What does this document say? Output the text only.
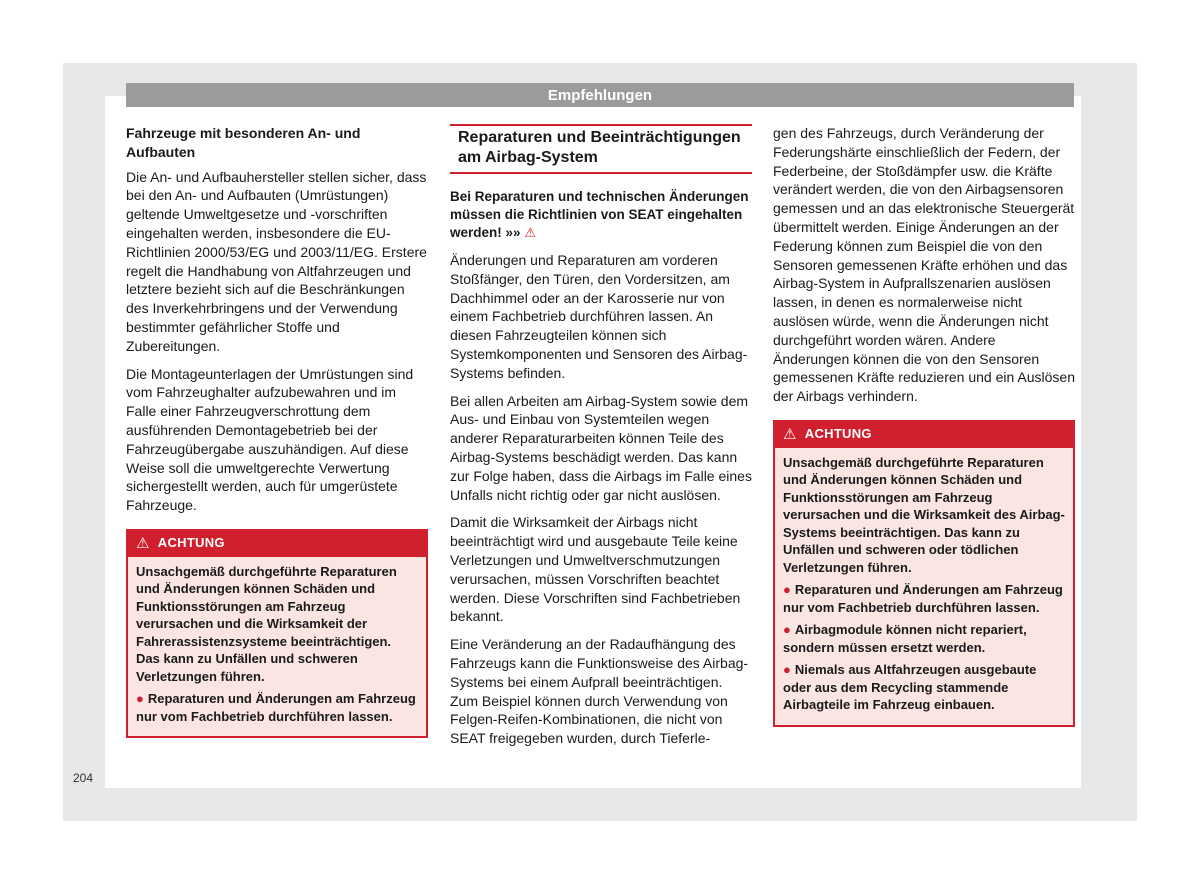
Empfehlungen

Fahrzeuge mit besonderen An- und Aufbauten

Die An- und Aufbauhersteller stellen sicher, dass bei den An- und Aufbauten (Umrüstungen) geltende Umweltgesetze und -vorschriften eingehalten werden, insbesondere die EU-Richtlinien 2000/53/EG und 2003/11/EG. Erstere regelt die Handhabung von Altfahrzeugen und letztere bezieht sich auf die Beschränkungen des Inverkehrbringens und der Verwendung bestimmter gefährlicher Stoffe und Zubereitungen.

Die Montageunterlagen der Umrüstungen sind vom Fahrzeughalter aufzubewahren und im Falle einer Fahrzeugverschrottung dem ausführenden Demontagebetrieb bei der Fahrzeugübergabe auszuhändigen. Auf diese Weise soll die umweltgerechte Verwertung sichergestellt werden, auch für umgerüstete Fahrzeuge.

⚠ ACHTUNG

Unsachgemäß durchgeführte Reparaturen und Änderungen können Schäden und Funktionsstörungen am Fahrzeug verursachen und die Wirksamkeit der Fahrerassistenzsysteme beeinträchtigen. Das kann zu Unfällen und schweren Verletzungen führen.

● Reparaturen und Änderungen am Fahrzeug nur vom Fachbetrieb durchführen lassen.

Reparaturen und Beeinträchtigungen am Airbag-System

Bei Reparaturen und technischen Änderungen müssen die Richtlinien von SEAT eingehalten werden! »» ⚠

Änderungen und Reparaturen am vorderen Stoßfänger, den Türen, den Vordersitzen, am Dachhimmel oder an der Karosserie nur von einem Fachbetrieb durchführen lassen. An diesen Fahrzeugteilen können sich Systemkomponenten und Sensoren des Airbag-Systems befinden.

Bei allen Arbeiten am Airbag-System sowie dem Aus- und Einbau von Systemteilen wegen anderer Reparaturarbeiten können Teile des Airbag-Systems beschädigt werden. Das kann zur Folge haben, dass die Airbags im Falle eines Unfalls nicht richtig oder gar nicht auslösen.

Damit die Wirksamkeit der Airbags nicht beeinträchtigt wird und ausgebaute Teile keine Verletzungen und Umweltverschmutzungen verursachen, müssen Vorschriften beachtet werden. Diese Vorschriften sind Fachbetrieben bekannt.

Eine Veränderung an der Radaufhängung des Fahrzeugs kann die Funktionsweise des Airbag-Systems bei einem Aufprall beeinträchtigen. Zum Beispiel können durch Verwendung von Felgen-Reifen-Kombinationen, die nicht von SEAT freigegeben wurden, durch Tieferle-

gen des Fahrzeugs, durch Veränderung der Federungshärte einschließlich der Federn, der Federbeine, der Stoßdämpfer usw. die Kräfte verändert werden, die von den Airbagsensoren gemessen und an das elektronische Steuergerät übermittelt werden. Einige Änderungen an der Federung können zum Beispiel die von den Sensoren gemessenen Kräfte erhöhen und das Airbag-System in Aufprallszenarien auslösen lassen, in denen es normalerweise nicht auslösen würde, wenn die Änderungen nicht durchgeführt worden wären. Andere Änderungen können die von den Sensoren gemessenen Kräfte reduzieren und ein Auslösen der Airbags verhindern.

⚠ ACHTUNG

Unsachgemäß durchgeführte Reparaturen und Änderungen können Schäden und Funktionsstörungen am Fahrzeug verursachen und die Wirksamkeit des Airbag-Systems beeinträchtigen. Das kann zu Unfällen und schweren oder tödlichen Verletzungen führen.

● Reparaturen und Änderungen am Fahrzeug nur vom Fachbetrieb durchführen lassen.

● Airbagmodule können nicht repariert, sondern müssen ersetzt werden.

● Niemals aus Altfahrzeugen ausgebaute oder aus dem Recycling stammende Airbagteile im Fahrzeug einbauen.

204
